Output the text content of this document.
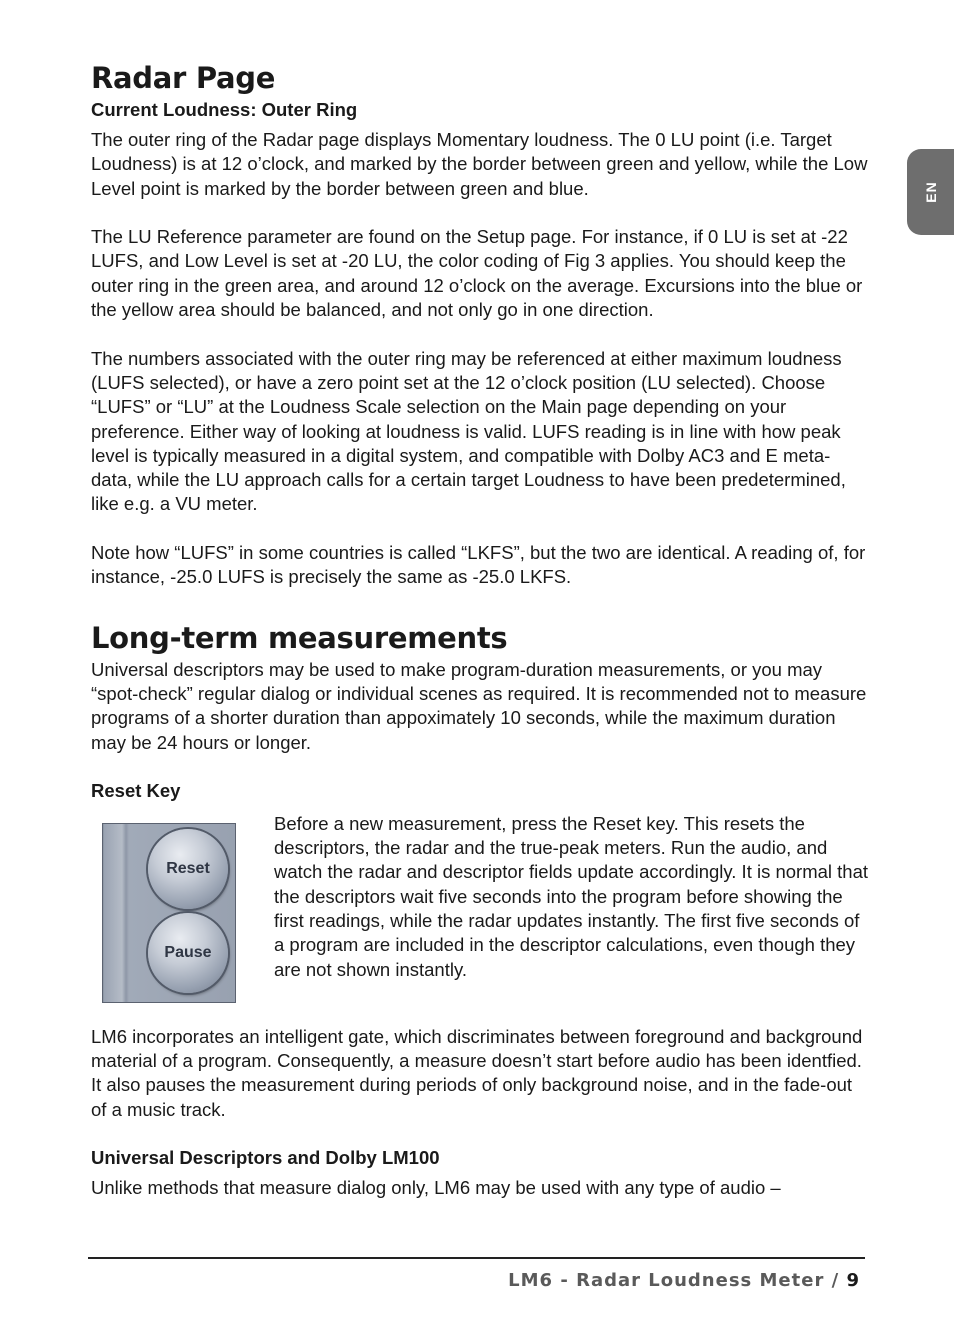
EN
Radar Page
Current Loudness: Outer Ring

The outer ring of the Radar page displays Momentary loudness. The 0 LU point (i.e. Target Loudness) is at 12 o’clock, and marked by the border between green and yellow, while the Low Level point is marked by the border between green and blue.

The LU Reference parameter are found on the Setup page. For instance, if 0 LU is set at -22 LUFS, and Low Level is set at -20 LU, the color coding of Fig 3 applies. You should keep the outer ring in the green area, and around 12 o’clock on the average. Excursions into the blue or the yellow area should be balanced, and not only go in one direction.

The numbers associated with the outer ring may be referenced at either maximum loudness (LUFS selected), or have a zero point set at the 12 o’clock position (LU selected). Choose “LUFS” or “LU” at the Loudness Scale selection on the Main page depending on your preference. Either way of looking at loudness is valid. LUFS reading is in line with how peak level is typically measured in a digital system, and compatible with Dolby AC3 and E meta-data, while the LU approach calls for a certain target Loudness to have been predetermined, like e.g. a VU meter.

Note how “LUFS” in some countries is called “LKFS”, but the two are identical. A reading of, for instance, -25.0 LUFS is precisely the same as -25.0 LKFS.

Long-term measurements

Universal descriptors may be used to make program-duration measurements, or you may “spot-check” regular dialog or individual scenes as required. It is recommended not to measure programs of a shorter duration than appoximately 10 seconds, while the maximum duration may be 24 hours or longer.

Reset Key
Reset
Pause

Before a new measurement, press the Reset key. This resets the descriptors, the radar and the true-peak meters. Run the audio, and watch the radar and descriptor fields update accordingly. It is normal that the descriptors wait five seconds into the program before showing the first readings, while the radar updates instantly. The first five seconds of a program are included in the descriptor calculations, even though they are not shown instantly.

LM6 incorporates an intelligent gate, which discriminates between foreground and background material of a program. Consequently, a measure doesn’t start before audio has been identfied. It also pauses the measurement during periods of only background noise, and in the fade-out of a music track.

Universal Descriptors and Dolby LM100

Unlike methods that measure dialog only, LM6 may be used with any type of audio –

LM6 - Radar Loudness Meter / 9
